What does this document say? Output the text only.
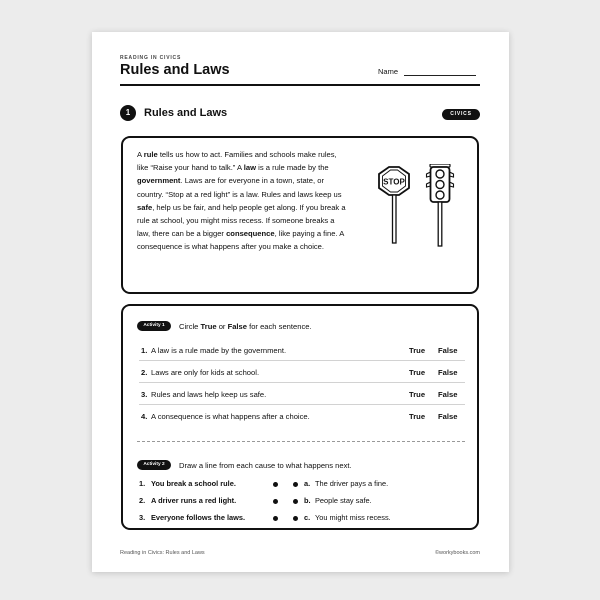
READING IN CIVICS
Rules and Laws	Name
1	Rules and Laws	CIVICS

A rule tells us how to act. Families and schools make rules, like “Raise your hand to talk.” A law is a rule made by the government. Laws are for everyone in a town, state, or country. “Stop at a red light” is a law. Rules and laws keep us safe, help us be fair, and help people get along. If you break a rule at school, you might miss recess. If someone breaks a law, there can be a bigger consequence, like paying a fine. A consequence is what happens after you make a choice.

STOP
Activity 1	Circle True or False for each sentence.
1. A law is a rule made by the government.	True False
2. Laws are only for kids at school.	True False
3. Rules and laws help keep us safe.	True False
4. A consequence is what happens after a choice.	True False
Activity 2	Draw a line from each cause to what happens next.
1. You break a school rule.	a. The driver pays a fine.
2. A driver runs a red light.	b. People stay safe.
3. Everyone follows the laws.	c. You might miss recess.
Reading in Civics: Rules and Laws	©workybooks.com
